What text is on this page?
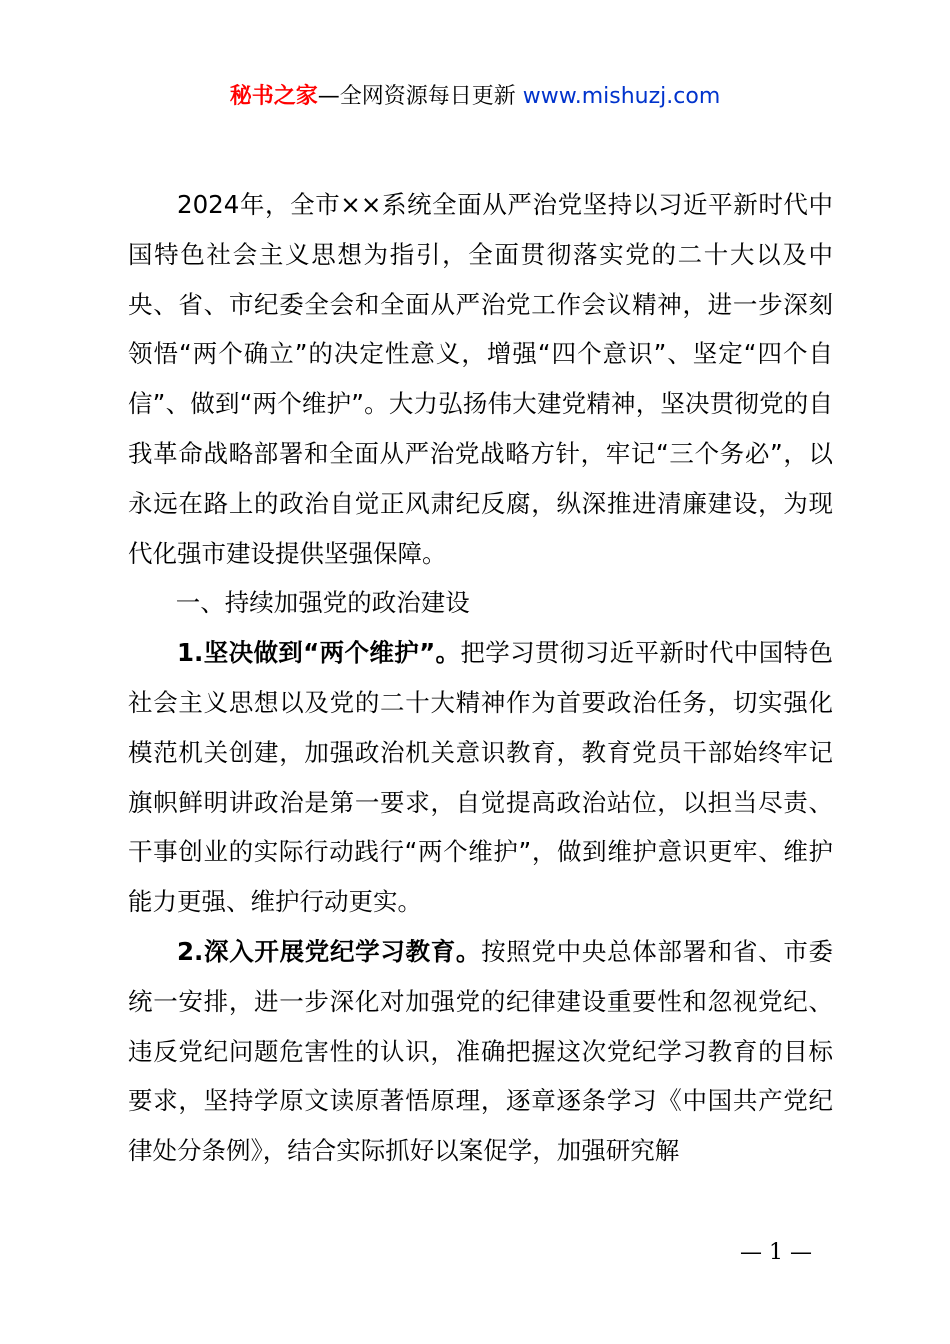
秘书之家—全网资源每日更新 www.mishuzj.com

2024年，全市××系统全面从严治党坚持以习近平新时代中国特色社会主义思想为指引，全面贯彻落实党的二十大以及中央、省、市纪委全会和全面从严治党工作会议精神，进一步深刻领悟“两个确立”的决定性意义，增强“四个意识”、坚定“四个自信”、做到“两个维护”。大力弘扬伟大建党精神，坚决贯彻党的自我革命战略部署和全面从严治党战略方针，牢记“三个务必”，以永远在路上的政治自觉正风肃纪反腐，纵深推进清廉建设，为现代化强市建设提供坚强保障。

一、持续加强党的政治建设

1.坚决做到“两个维护”。把学习贯彻习近平新时代中国特色社会主义思想以及党的二十大精神作为首要政治任务，切实强化模范机关创建，加强政治机关意识教育，教育党员干部始终牢记旗帜鲜明讲政治是第一要求，自觉提高政治站位，以担当尽责、干事创业的实际行动践行“两个维护”，做到维护意识更牢、维护能力更强、维护行动更实。

2.深入开展党纪学习教育。按照党中央总体部署和省、市委统一安排，进一步深化对加强党的纪律建设重要性和忽视党纪、违反党纪问题危害性的认识，准确把握这次党纪学习教育的目标要求，坚持学原文读原著悟原理，逐章逐条学习《中国共产党纪律处分条例》，结合实际抓好以案促学，加强研究解

— 1 —
